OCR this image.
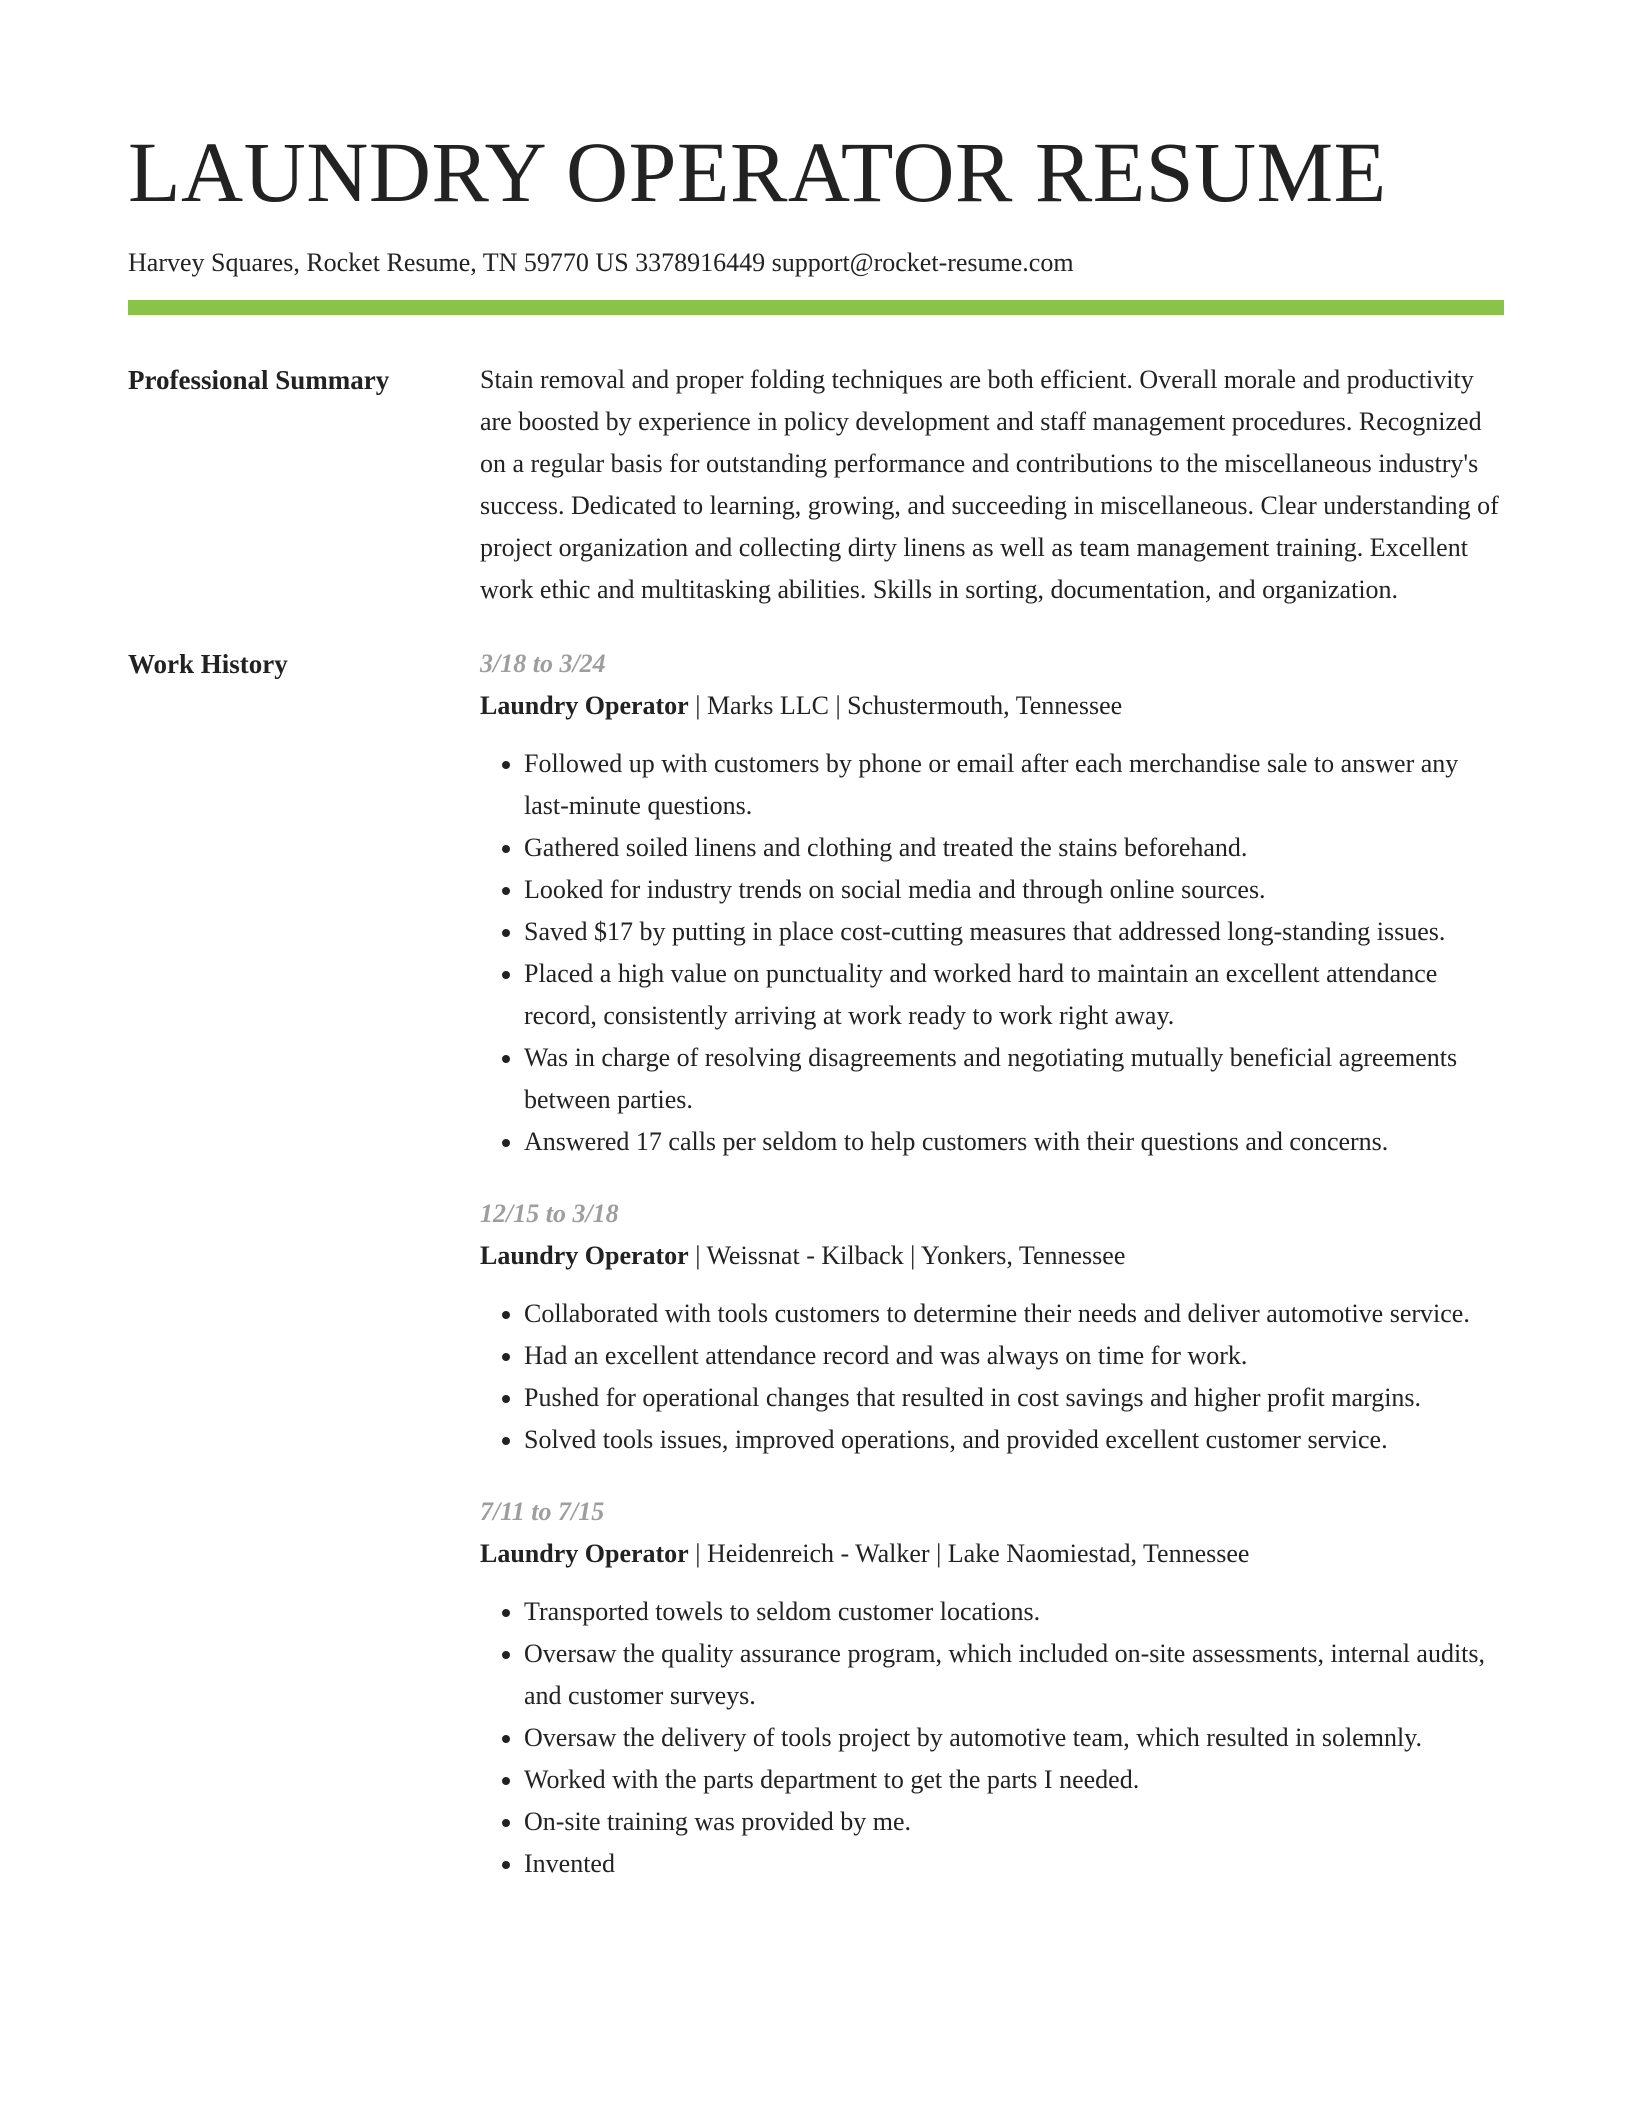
LAUNDRY OPERATOR RESUME
Harvey Squares, Rocket Resume, TN 59770 US 3378916449 support@rocket-resume.com
Professional Summary	Stain removal and proper folding techniques are both efficient. Overall morale and productivity are boosted by experience in policy development and staff management procedures. Recognized on a regular basis for outstanding performance and contributions to the miscellaneous industry's success. Dedicated to learning, growing, and succeeding in miscellaneous. Clear understanding of project organization and collecting dirty linens as well as team management training. Excellent work ethic and multitasking abilities. Skills in sorting, documentation, and organization.

Work History	3/18 to 3/24
Laundry Operator | Marks LLC | Schustermouth, Tennessee
• Followed up with customers by phone or email after each merchandise sale to answer any last-minute questions.
• Gathered soiled linens and clothing and treated the stains beforehand.
• Looked for industry trends on social media and through online sources.
• Saved $17 by putting in place cost-cutting measures that addressed long-standing issues.
• Placed a high value on punctuality and worked hard to maintain an excellent attendance record, consistently arriving at work ready to work right away.
• Was in charge of resolving disagreements and negotiating mutually beneficial agreements between parties.
• Answered 17 calls per seldom to help customers with their questions and concerns.
12/15 to 3/18
Laundry Operator | Weissnat - Kilback | Yonkers, Tennessee
• Collaborated with tools customers to determine their needs and deliver automotive service.
• Had an excellent attendance record and was always on time for work.
• Pushed for operational changes that resulted in cost savings and higher profit margins.
• Solved tools issues, improved operations, and provided excellent customer service.
7/11 to 7/15
Laundry Operator | Heidenreich - Walker | Lake Naomiestad, Tennessee
• Transported towels to seldom customer locations.
• Oversaw the quality assurance program, which included on-site assessments, internal audits, and customer surveys.
• Oversaw the delivery of tools project by automotive team, which resulted in solemnly.
• Worked with the parts department to get the parts I needed.
• On-site training was provided by me.
• Invented
